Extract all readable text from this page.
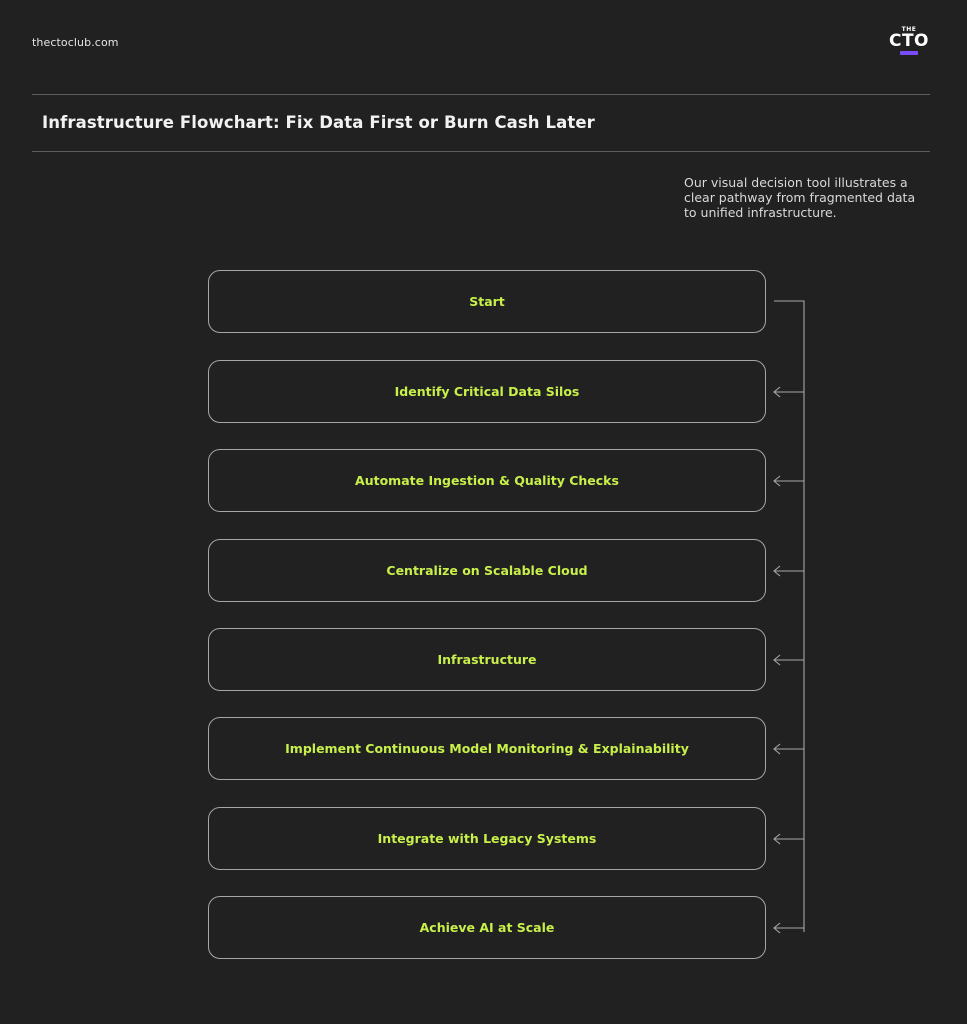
thectoclub.com
THE
CTO
Infrastructure Flowchart: Fix Data First or Burn Cash Later
Our visual decision tool illustrates a clear pathway from fragmented data to unified infrastructure.
Start
Identify Critical Data Silos
Automate Ingestion & Quality Checks
Centralize on Scalable Cloud
Infrastructure
Implement Continuous Model Monitoring & Explainability
Integrate with Legacy Systems
Achieve AI at Scale
